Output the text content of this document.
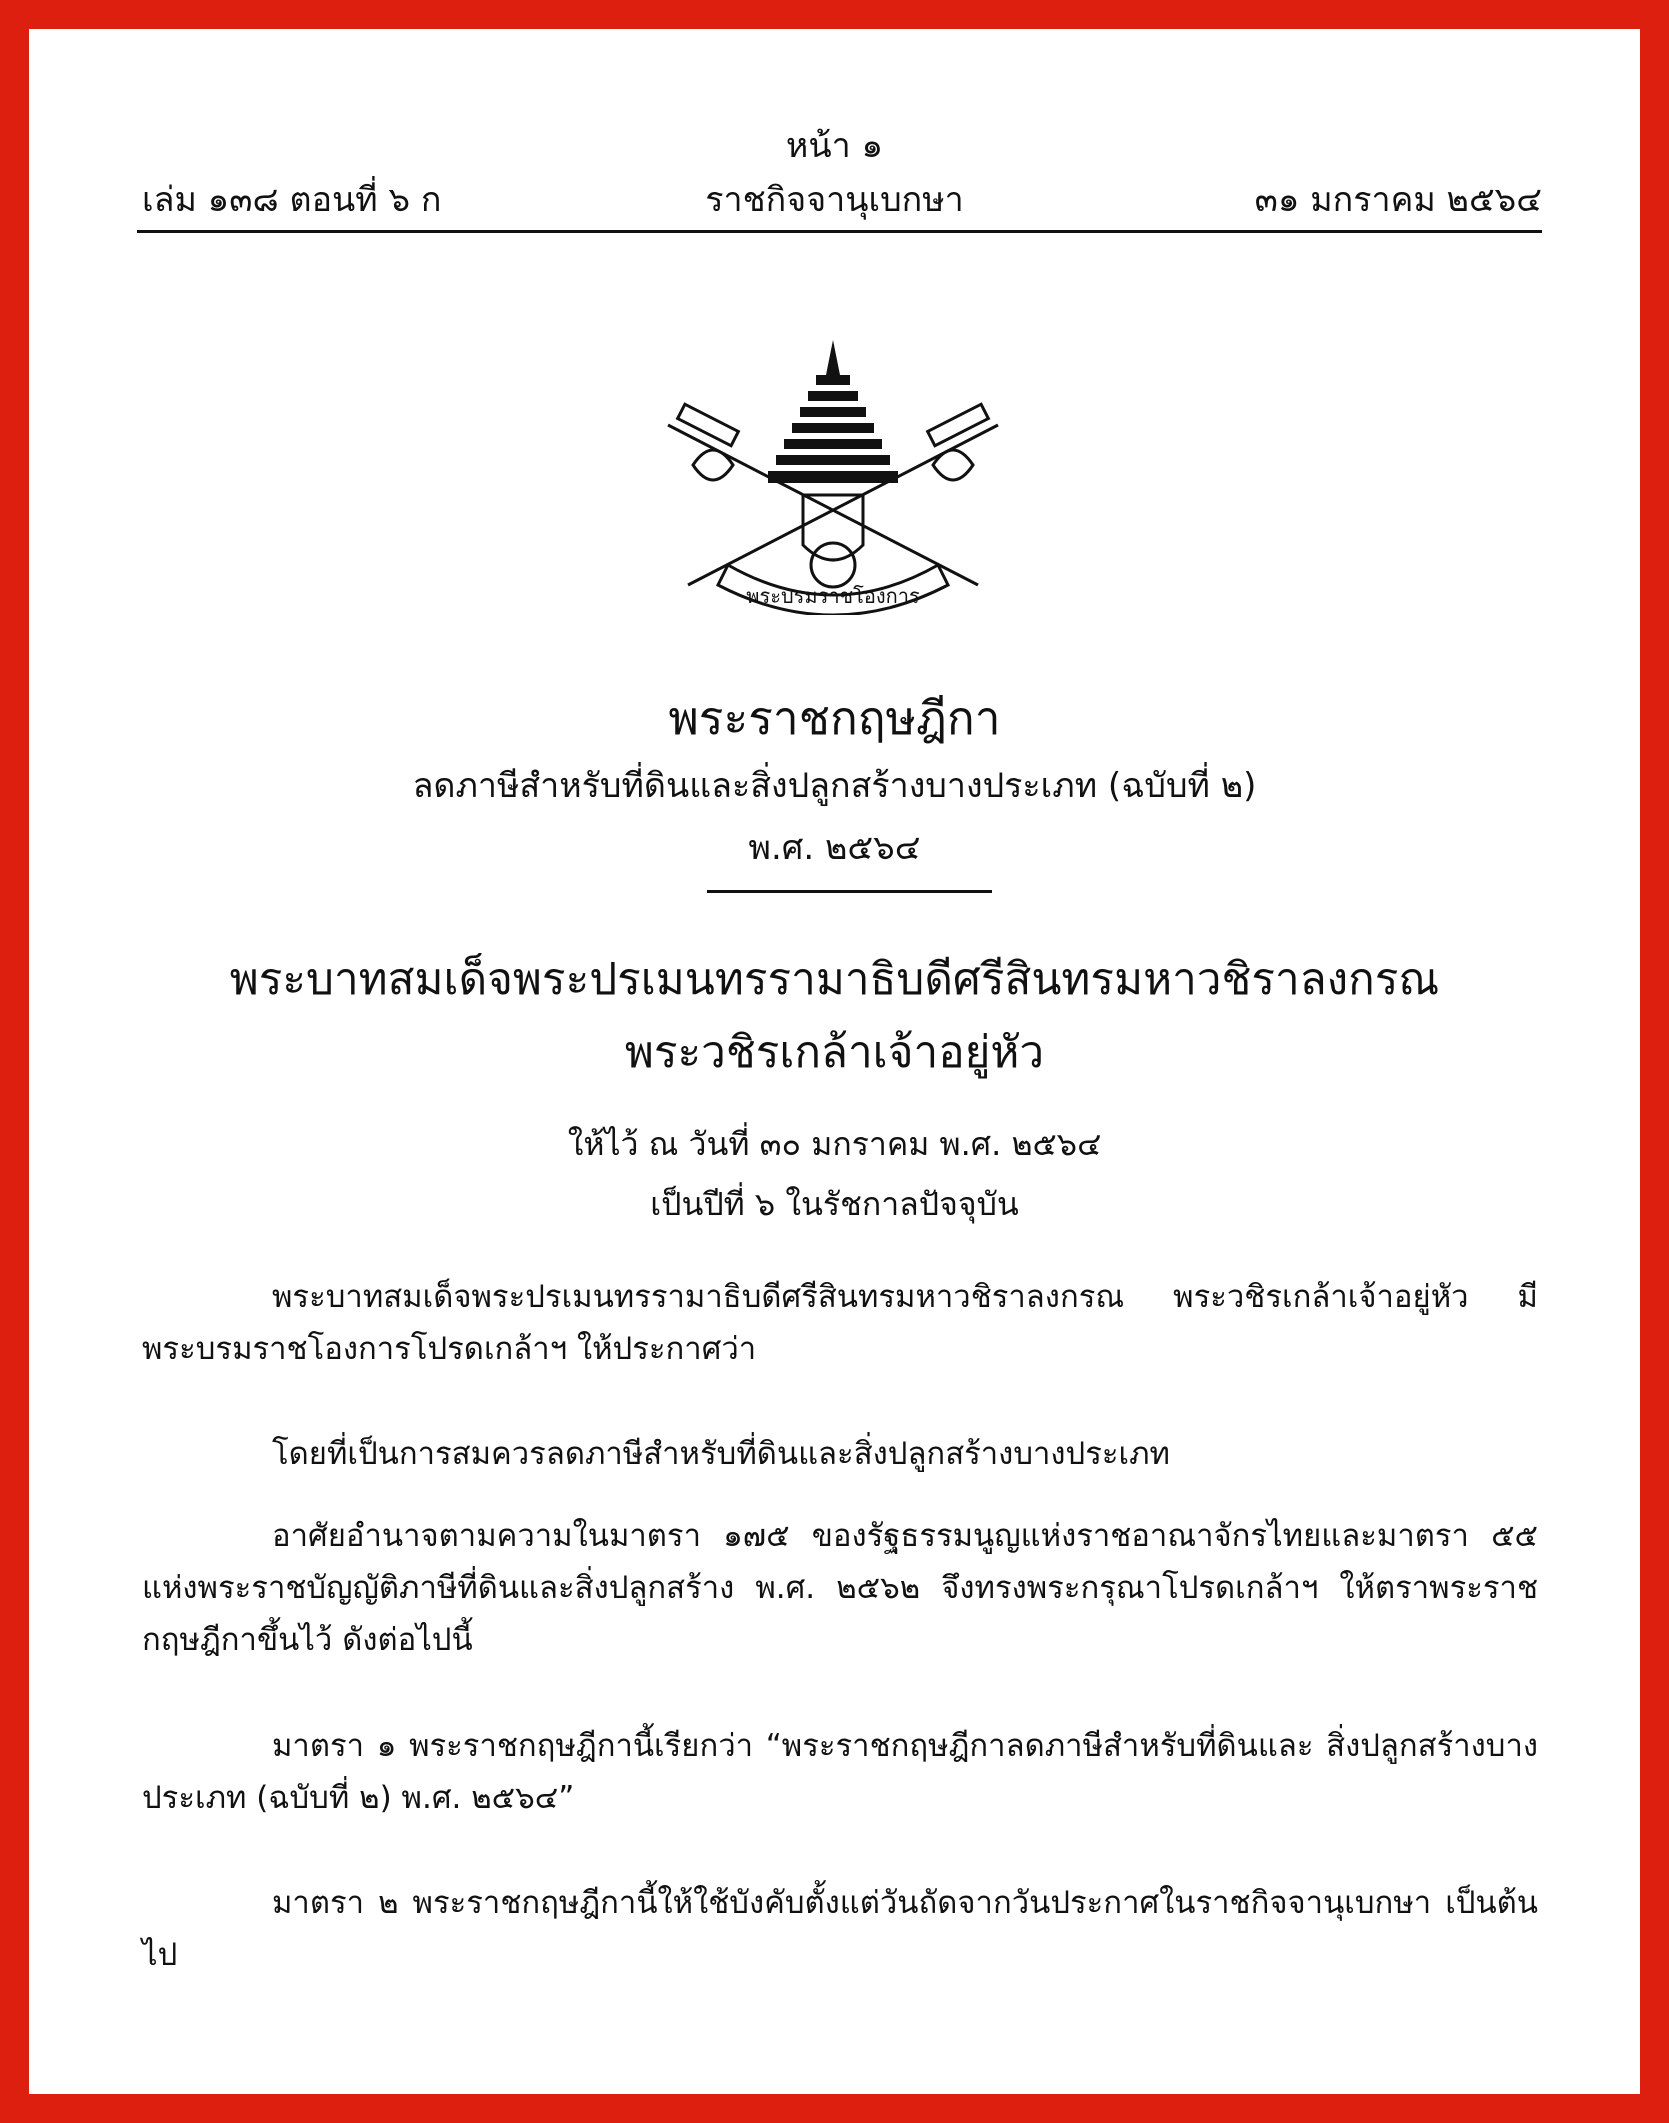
หน้า ๑
เล่ม ๑๓๘ ตอนที่ ๖ ก	ราชกิจจานุเบกษา	๓๑ มกราคม ๒๕๖๔
พระบรมราชโองการ
พระราชกฤษฎีกา
ลดภาษีสำหรับที่ดินและสิ่งปลูกสร้างบางประเภท (ฉบับที่ ๒)
พ.ศ. ๒๕๖๔
พระบาทสมเด็จพระปรเมนทรรามาธิบดีศรีสินทรมหาวชิราลงกรณ
พระวชิรเกล้าเจ้าอยู่หัว
ให้ไว้ ณ วันที่ ๓๐ มกราคม พ.ศ. ๒๕๖๔
เป็นปีที่ ๖ ในรัชกาลปัจจุบัน
พระบาทสมเด็จพระปรเมนทรรามาธิบดีศรีสินทรมหาวชิราลงกรณ พระวชิรเกล้าเจ้าอยู่หัว มีพระบรมราชโองการโปรดเกล้าฯ ให้ประกาศว่า
โดยที่เป็นการสมควรลดภาษีสำหรับที่ดินและสิ่งปลูกสร้างบางประเภท
อาศัยอำนาจตามความในมาตรา ๑๗๕ ของรัฐธรรมนูญแห่งราชอาณาจักรไทยและมาตรา ๕๕ แห่งพระราชบัญญัติภาษีที่ดินและสิ่งปลูกสร้าง พ.ศ. ๒๕๖๒ จึงทรงพระกรุณาโปรดเกล้าฯ ให้ตราพระราชกฤษฎีกาขึ้นไว้ ดังต่อไปนี้
มาตรา ๑ พระราชกฤษฎีกานี้เรียกว่า “พระราชกฤษฎีกาลดภาษีสำหรับที่ดินและ สิ่งปลูกสร้างบางประเภท (ฉบับที่ ๒) พ.ศ. ๒๕๖๔”
มาตรา ๒ พระราชกฤษฎีกานี้ให้ใช้บังคับตั้งแต่วันถัดจากวันประกาศในราชกิจจานุเบกษา เป็นต้นไป
